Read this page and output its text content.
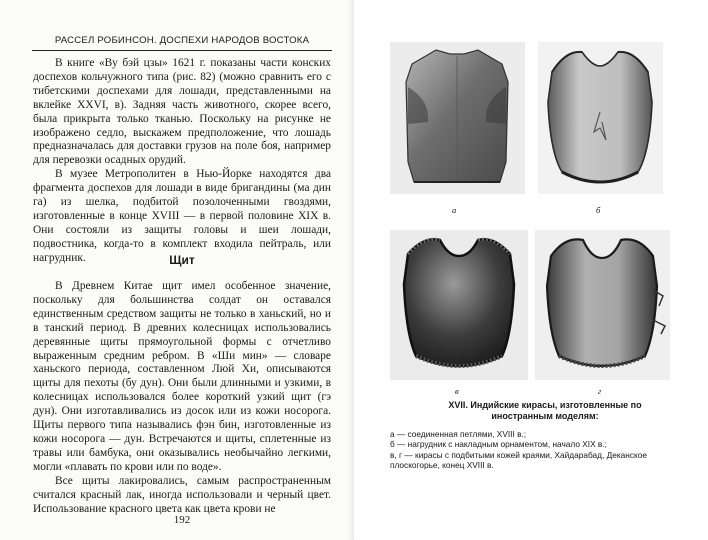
РАССЕЛ РОБИНСОН. ДОСПЕХИ НАРОДОВ ВОСТОКА

В книге «Ву бэй цзы» 1621 г. показаны части конских доспехов кольчужного типа (рис. 82) (можно сравнить его с тибетскими доспехами для лошади, представленными на вклейке XXVI, в). Задняя часть животного, скорее всего, была прикрыта только тканью. Поскольку на рисунке не изображено седло, выскажем предположение, что лошадь предназначалась для доставки грузов на поле боя, например для перевозки осадных орудий.

В музее Метрополитен в Нью-Йорке находятся два фрагмента доспехов для лошади в виде бригандины (ма дин га) из шелка, подбитой позолоченными гвоздями, изготовленные в конце XVIII — в первой половине XIX в. Они состояли из защиты головы и шеи лошади, подвостника, когда-то в комплект входила пейтраль, или нагрудник.	Щит

В Древнем Китае щит имел особенное значение, поскольку для большинства солдат он оставался единственным средством защиты не только в ханьский, но и в танский период. В древних колесницах использовались деревянные щиты прямоугольной формы с отчетливо выраженным средним ребром. В «Ши мин» — словаре ханьского периода, составленном Люй Хи, описываются щиты для пехоты (бу дун). Они были длинными и узкими, в колесницах использовался более короткий узкий щит (гэ дун). Они изготавливались из досок или из кожи носорога. Щиты первого типа назывались фэн бин, изготовленные из кожи носорога — дун. Встречаются и щиты, сплетенные из травы или бамбука, они оказывались необычайно легкими, могли «плавать по крови или по воде».

Все щиты лакировались, самым распространенным считался красный лак, иногда использовали и черный цвет. Использование красного цвета как цвета крови не

192
а	б
в	г
XVII. Индийские кирасы, изготовленные по иностранным моделям:
а — соединенная петлями, XVIII в.;
б — нагрудник с накладным орнаментом, начало XIX в.;
в, г — кирасы с подбитыми кожей краями, Хайдарабад, Деканское плоскогорье, конец XVIII в.
